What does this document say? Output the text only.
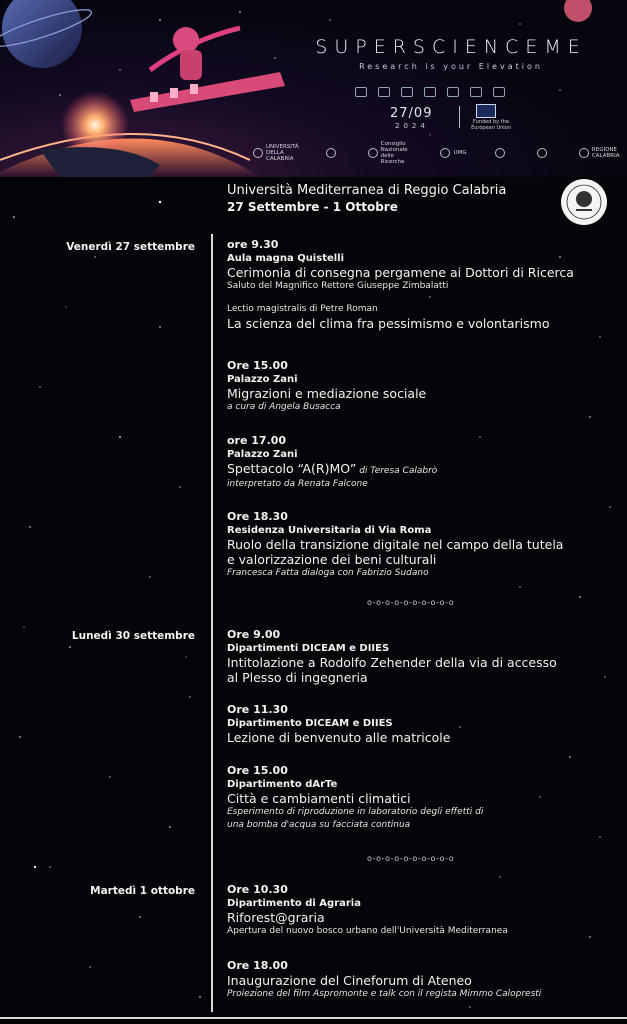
SUPERSCIENCEME
Research is your Elevation
27/09
2024	Funded by the European Union
UNIVERSITÀ DELLA CALABRIA
Consiglio Nazionale delle Ricerche
UMG	REGIONE CALABRIA
Università Mediterranea di Reggio Calabria
27 Settembre - 1 Ottobre
Venerdì 27 settembre
Lunedì 30 settembre
Martedì 1 ottobre
ore 9.30
Aula magna Quistelli
Cerimonia di consegna pergamene ai Dottori di Ricerca
Saluto del Magnifico Rettore Giuseppe Zimbalatti
Lectio magistralis di Petre Roman
La scienza del clima fra pessimismo e volontarismo
Ore 15.00
Palazzo Zani
Migrazioni e mediazione sociale
a cura di Angela Busacca
ore 17.00
Palazzo Zani
Spettacolo “A(R)MO” di Teresa Calabrò
interpretato da Renata Falcone
Ore 18.30
Residenza Universitaria di Via Roma
Ruolo della transizione digitale nel campo della tutela
e valorizzazione dei beni culturali
Francesca Fatta dialoga con Fabrizio Sudano
o-o-o-o-o-o-o-o-o-o
Ore 9.00
Dipartimenti DICEAM e DIIES
Intitolazione a Rodolfo Zehender della via di accesso
al Plesso di ingegneria
Ore 11.30
Dipartimento DICEAM e DIIES
Lezione di benvenuto alle matricole
Ore 15.00
Dipartimento dArTe
Città e cambiamenti climatici
Esperimento di riproduzione in laboratorio degli effetti di
una bomba d'acqua su facciata continua
o-o-o-o-o-o-o-o-o-o
Ore 10.30
Dipartimento di Agraria
Riforest@graria
Apertura del nuovo bosco urbano dell'Università Mediterranea
Ore 18.00
Inaugurazione del Cineforum di Ateneo
Proiezione del film Aspromonte e talk con il regista Mimmo Calopresti
